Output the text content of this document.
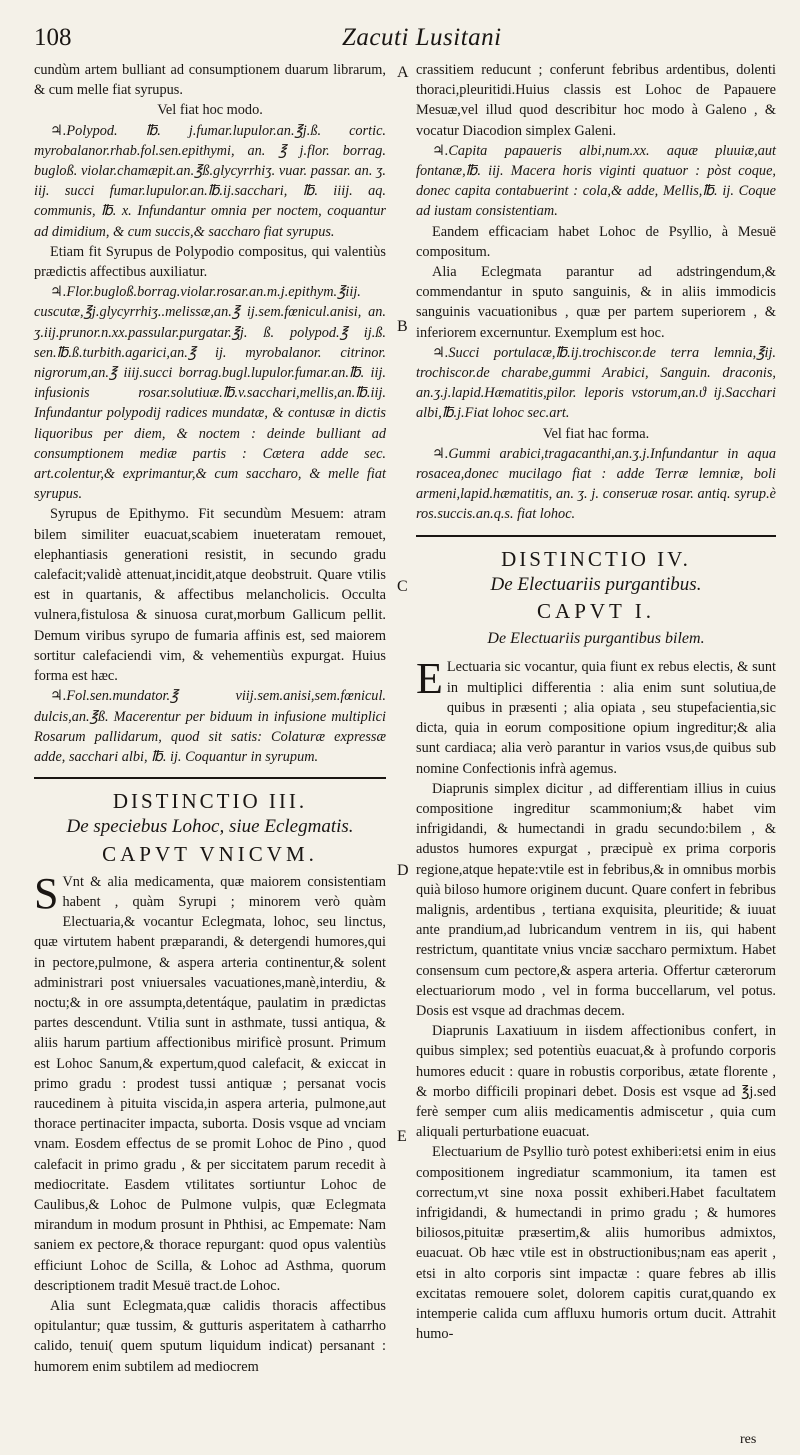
108	Zacuti Lusitani
A
B
C
D
E

cundùm artem bulliant ad consumptionem duarum librarum, & cum melle fiat syrupus.

Vel fiat hoc modo.

♃.Polypod. ℔. j.fumar.lupulor.an.℥j.ß. cortic. myrobalanor.rhab.fol.sen.epithymi, an. ℥ j.flor. borrag. bugloß. violar.chamæpit.an.℥ß.glycyrrhiʒ. vuar. passar. an. ʒ. iij. succi fumar.lupulor.an.℔.ij.sacchari, ℔. iiij. aq. communis, ℔. x. Infundantur omnia per noctem, coquantur ad dimidium, & cum succis,& saccharo fiat syrupus.

Etiam fit Syrupus de Polypodio compositus, qui valentiùs prædictis affectibus auxiliatur.

♃.Flor.bugloß.borrag.violar.rosar.an.m.j.epithym.℥iij. cuscutæ,℥j.glycyrrhiʒ..melissæ,an.℥ ij.sem.fœnicul.anisi, an. ʒ.iij.prunor.n.xx.passular.purgatar.℥j. ß. polypod.℥ ij.ß. sen.℔.ß.turbith.agarici,an.℥ ij. myrobalanor. citrinor. nigrorum,an.℥ iiij.succi borrag.bugl.lupulor.fumar.an.℔. iij. infusionis rosar.solutiuæ.℔.v.sacchari,mellis,an.℔.iij. Infundantur polypodij radices mundatæ, & contusæ in dictis liquoribus per diem, & noctem : deinde bulliant ad consumptionem mediæ partis : Cætera adde sec. art.colentur,& exprimantur,& cum saccharo, & melle fiat syrupus.

Syrupus de Epithymo. Fit secundùm Mesuem: atram bilem similiter euacuat,scabiem inueteratam remouet, elephantiasis generationi resistit, in secundo gradu calefacit;validè attenuat,incidit,atque deobstruit. Quare vtilis est in quartanis, & affectibus melancholicis. Occulta vulnera,fistulosa & sinuosa curat,morbum Gallicum pellit. Demum viribus syrupo de fumaria affinis est, sed maiorem sortitur calefaciendi vim, & vehementiùs expurgat. Huius forma est hæc.

♃.Fol.sen.mundator.℥ viij.sem.anisi,sem.fœnicul. dulcis,an.℥ß. Macerentur per biduum in infusione multiplici Rosarum pallidarum, quod sit satis: Colaturæ expressæ adde, sacchari albi, ℔. ij. Coquantur in syrupum.

DISTINCTIO III.
De speciebus Lohoc, siue Eclegmatis.
CAPVT VNICVM.

S Vnt & alia medicamenta, quæ maiorem consistentiam habent , quàm Syrupi ; minorem verò quàm Electuaria,& vocantur Eclegmata, lohoc, seu linctus, quæ virtutem habent præparandi, & detergendi humores,qui in pectore,pulmone, & aspera arteria continentur,& solent administrari post vniuersales vacuationes,manè,interdiu, & noctu;& in ore assumpta,detentáque, paulatim in prædictas partes descendunt. Vtilia sunt in asthmate, tussi antiqua, & aliis harum partium affectionibus mirificè prosunt. Primum est Lohoc Sanum,& expertum,quod calefacit, & exiccat in primo gradu : prodest tussi antiquæ ; persanat vocis raucedinem à pituita viscida,in aspera arteria, pulmone,aut thorace pertinaciter impacta, suborta. Dosis vsque ad vnciam vnam. Eosdem effectus de se promit Lohoc de Pino , quod calefacit in primo gradu , & per siccitatem parum recedit à mediocritate. Easdem vtilitates sortiuntur Lohoc de Caulibus,& Lohoc de Pulmone vulpis, quæ Eclegmata mirandum in modum prosunt in Phthisi, ac Empemate: Nam saniem ex pectore,& thorace repurgant: quod opus valentiùs efficiunt Lohoc de Scilla, & Lohoc ad Asthma, quorum descriptionem tradit Mesuë tract.de Lohoc.

Alia sunt Eclegmata,quæ calidis thoracis affectibus opitulantur; quæ tussim, & gutturis asperitatem à catharrho calido, tenui( quem sputum liquidum indicat) persanant : humorem enim subtilem ad mediocrem

crassitiem reducunt ; conferunt febribus ardentibus, dolenti thoraci,pleuritidi.Huius classis est Lohoc de Papauere Mesuæ,vel illud quod describitur hoc modo à Galeno , & vocatur Diacodion simplex Galeni.

♃.Capita papaueris albi,num.xx. aquæ pluuiæ,aut fontanæ,℔. iij. Macera horis viginti quatuor : pòst coque, donec capita contabuerint : cola,& adde, Mellis,℔. ij. Coque ad iustam consistentiam.

Eandem efficaciam habet Lohoc de Psyllio, à Mesuë compositum.

Alia Eclegmata parantur ad adstringendum,& commendantur in sputo sanguinis, & in aliis immodicis sanguinis vacuationibus , quæ per partem superiorem , & inferiorem excernuntur. Exemplum est hoc.

♃.Succi portulacæ,℔.ij.trochiscor.de terra lemnia,℥ij. trochiscor.de charabe,gummi Arabici, Sanguin. draconis, an.ʒ.j.lapid.Hæmatitis,pilor. leporis vstorum,an.ϑ ij.Sacchari albi,℔.j.Fiat lohoc sec.art.

Vel fiat hac forma.

♃.Gummi arabici,tragacanthi,an.ʒ.j.Infundantur in aqua rosacea,donec mucilago fiat : adde Terræ lemniæ, boli armeni,lapid.hæmatitis, an. ʒ. j. conseruæ rosar. antiq. syrup.è ros.succis.an.q.s. fiat lohoc.

DISTINCTIO IV.
De Electuariis purgantibus.
CAPVT I.
De Electuariis purgantibus bilem.

E Lectuaria sic vocantur, quia fiunt ex rebus electis, & sunt in multiplici differentia : alia enim sunt solutiua,de quibus in præsenti ; alia opiata , seu stupefacientia,sic dicta, quia in eorum compositione opium ingreditur;& alia sunt cardiaca; alia verò parantur in varios vsus,de quibus sub nomine Confectionis infrà agemus.

Diaprunis simplex dicitur , ad differentiam illius in cuius compositione ingreditur scammonium;& habet vim infrigidandi, & humectandi in gradu secundo:bilem , & adustos humores expurgat , præcipuè ex prima corporis regione,atque hepate:vtile est in febribus,& in omnibus morbis quià biloso humore originem ducunt. Quare confert in febribus malignis, ardentibus , tertiana exquisita, pleuritide; & iuuat ante prandium,ad lubricandum ventrem in iis, qui habent restrictum, quantitate vnius vnciæ saccharo permixtum. Habet consensum cum pectore,& aspera arteria. Offertur cæterorum electuariorum modo , vel in forma buccellarum, vel potus. Dosis est vsque ad drachmas decem.

Diaprunis Laxatiuum in iisdem affectionibus confert, in quibus simplex; sed potentiùs euacuat,& à profundo corporis humores educit : quare in robustis corporibus, ætate florente , & morbo difficili propinari debet. Dosis est vsque ad ℥j.sed ferè semper cum aliis medicamentis admiscetur , quia cum aliquali perturbatione euacuat.

Electuarium de Psyllio turò potest exhiberi:etsi enim in eius compositionem ingrediatur scammonium, ita tamen est correctum,vt sine noxa possit exhiberi.Habet facultatem infrigidandi, & humectandi in primo gradu ; & humores biliosos,pituitæ præsertim,& aliis humoribus admixtos, euacuat. Ob hæc vtile est in obstructionibus;nam eas aperit , etsi in alto corporis sint impactæ : quare febres ab illis excitatas remouere solet, dolorem capitis curat,quando ex intemperie calida cum affluxu humoris ortum ducit. Attrahit humo-

res
